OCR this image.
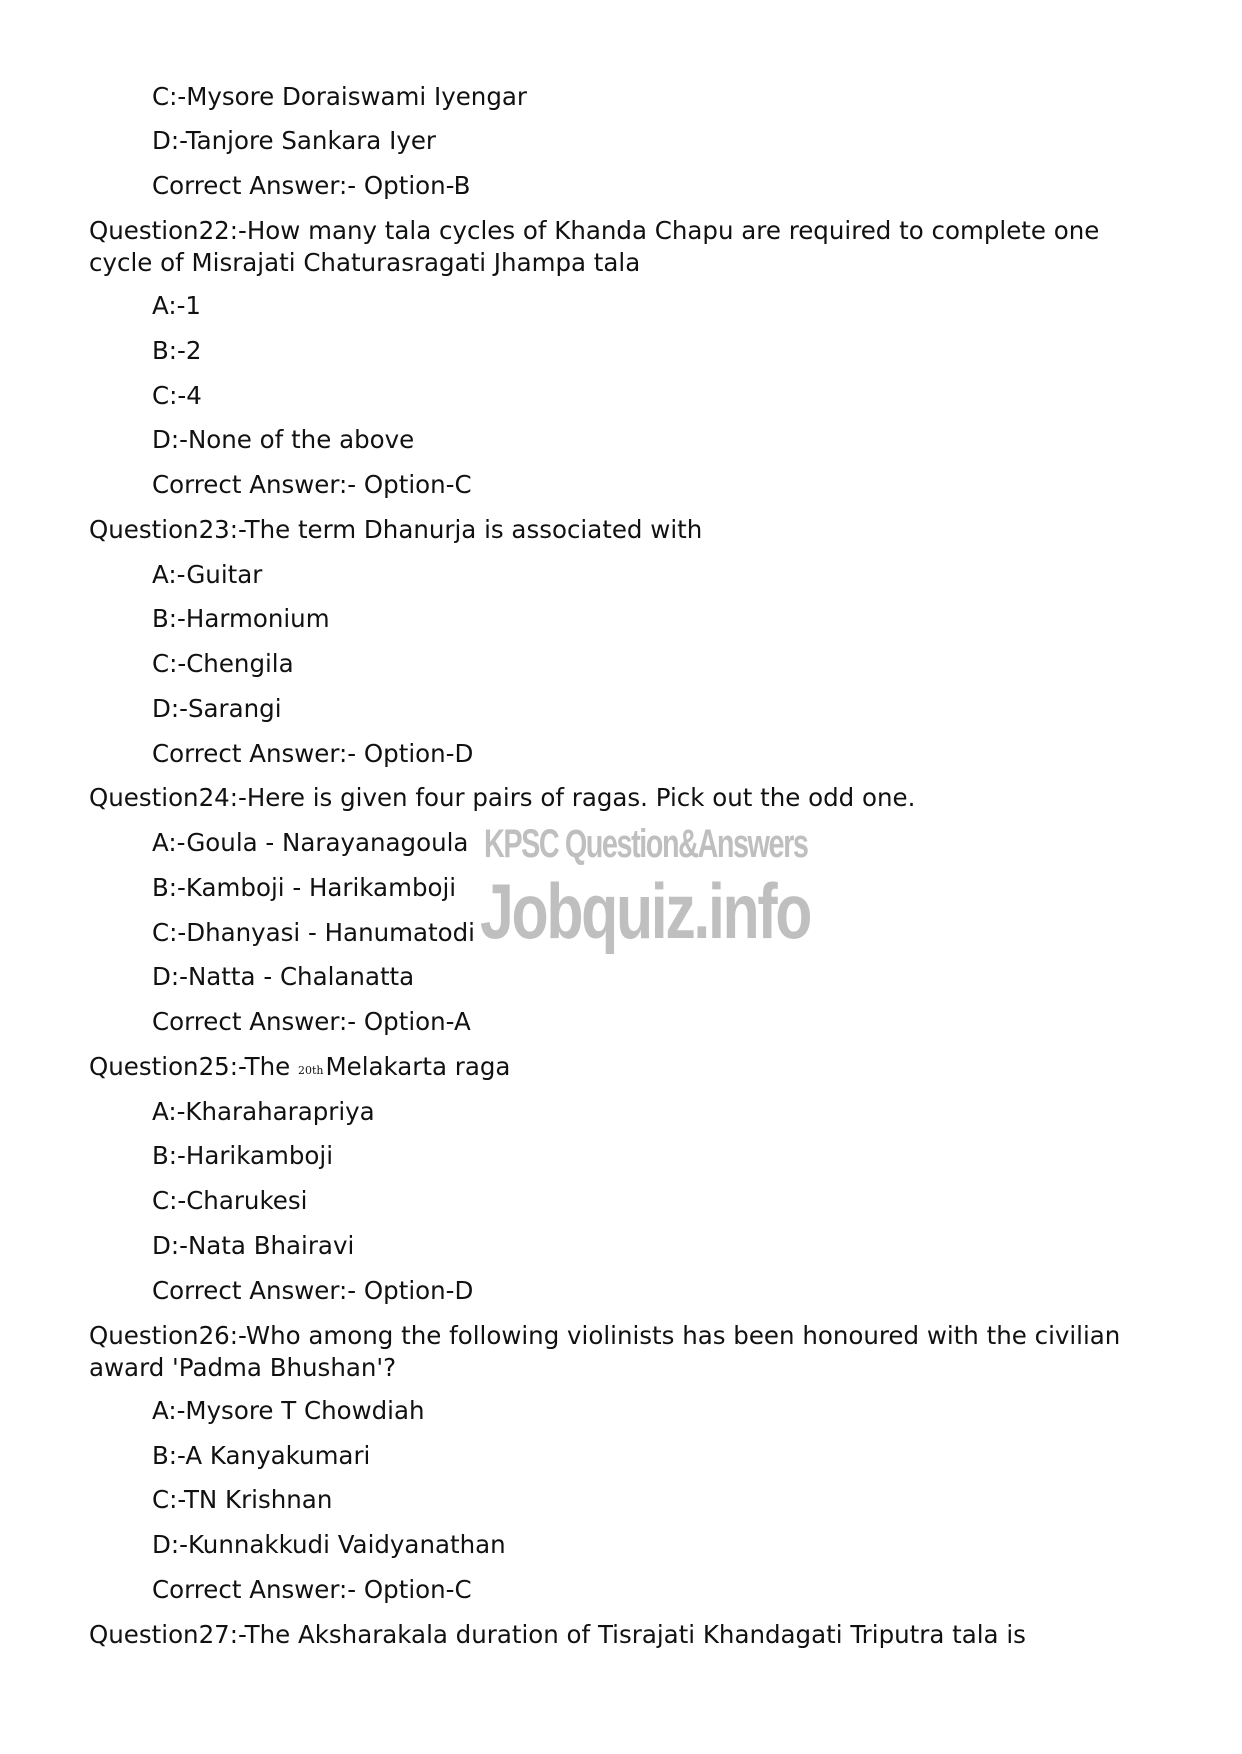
C:-Mysore Doraiswami Iyengar
D:-Tanjore Sankara Iyer
Correct Answer:- Option-B
Question22:-How many tala cycles of Khanda Chapu are required to complete one cycle of Misrajati Chaturasragati Jhampa tala
A:-1
B:-2
C:-4
D:-None of the above
Correct Answer:- Option-C
Question23:-The term Dhanurja is associated with
A:-Guitar
B:-Harmonium
C:-Chengila
D:-Sarangi
Correct Answer:- Option-D
Question24:-Here is given four pairs of ragas. Pick out the odd one.
A:-Goula - Narayanagoula
B:-Kamboji - Harikamboji
C:-Dhanyasi - Hanumatodi
D:-Natta - Chalanatta
Correct Answer:- Option-A
Question25:-The $^{20th}$Melakarta raga
A:-Kharaharapriya
B:-Harikamboji
C:-Charukesi
D:-Nata Bhairavi
Correct Answer:- Option-D
Question26:-Who among the following violinists has been honoured with the civilian award 'Padma Bhushan'?
A:-Mysore T Chowdiah
B:-A Kanyakumari
C:-TN Krishnan
D:-Kunnakkudi Vaidyanathan
Correct Answer:- Option-C
Question27:-The Aksharakala duration of Tisrajati Khandagati Triputra tala is
KPSC Question&Answers
Jobquiz.info
